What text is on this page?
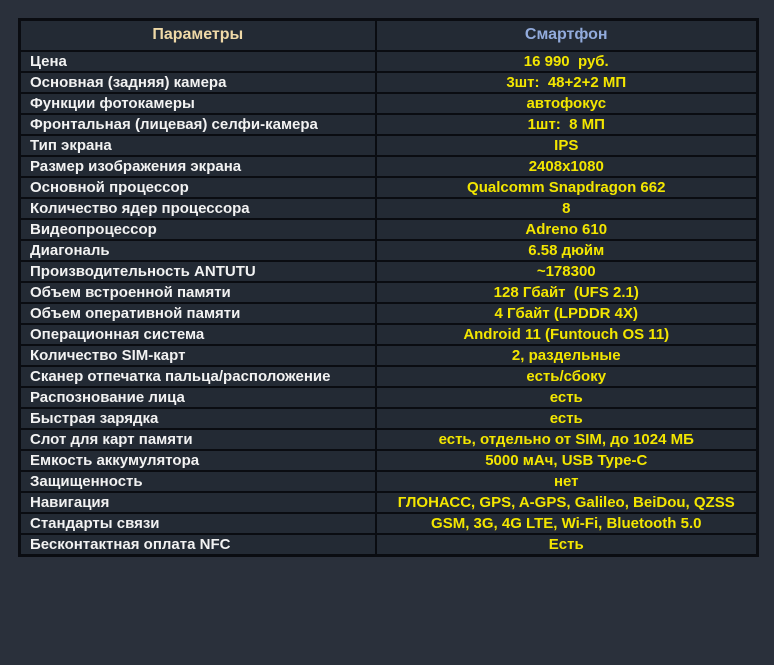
Параметры	Смартфон
Цена	16 990  руб.
Основная (задняя) камера	3шт:  48+2+2 МП
Функции фотокамеры	автофокус
Фронтальная (лицевая) селфи-камера	1шт:  8 МП
Тип экрана	IPS
Размер изображения экрана	2408x1080
Основной процессор	Qualcomm Snapdragon 662
Количество ядер процессора	8
Видеопроцессор	Adreno 610
Диагональ	6.58 дюйм
Производительность ANTUTU	~178300
Объем встроенной памяти	128 Гбайт  (UFS 2.1)
Объем оперативной памяти	4 Гбайт (LPDDR 4X)
Операционная система	Android 11 (Funtouch OS 11)
Количество SIM-карт	2, раздельные
Сканер отпечатка пальца/расположение	есть/сбоку
Распознование лица	есть
Быстрая зарядка	есть
Слот для карт памяти	есть, отдельно от SIM, до 1024 МБ
Емкость аккумулятора	5000 мАч, USB Type-C
Защищенность	нет
Навигация	ГЛОНАСС, GPS, A-GPS, Galileo, BeiDou, QZSS
Стандарты связи	GSM, 3G, 4G LTE, Wi-Fi, Bluetooth 5.0
Бесконтактная оплата NFC	Есть
